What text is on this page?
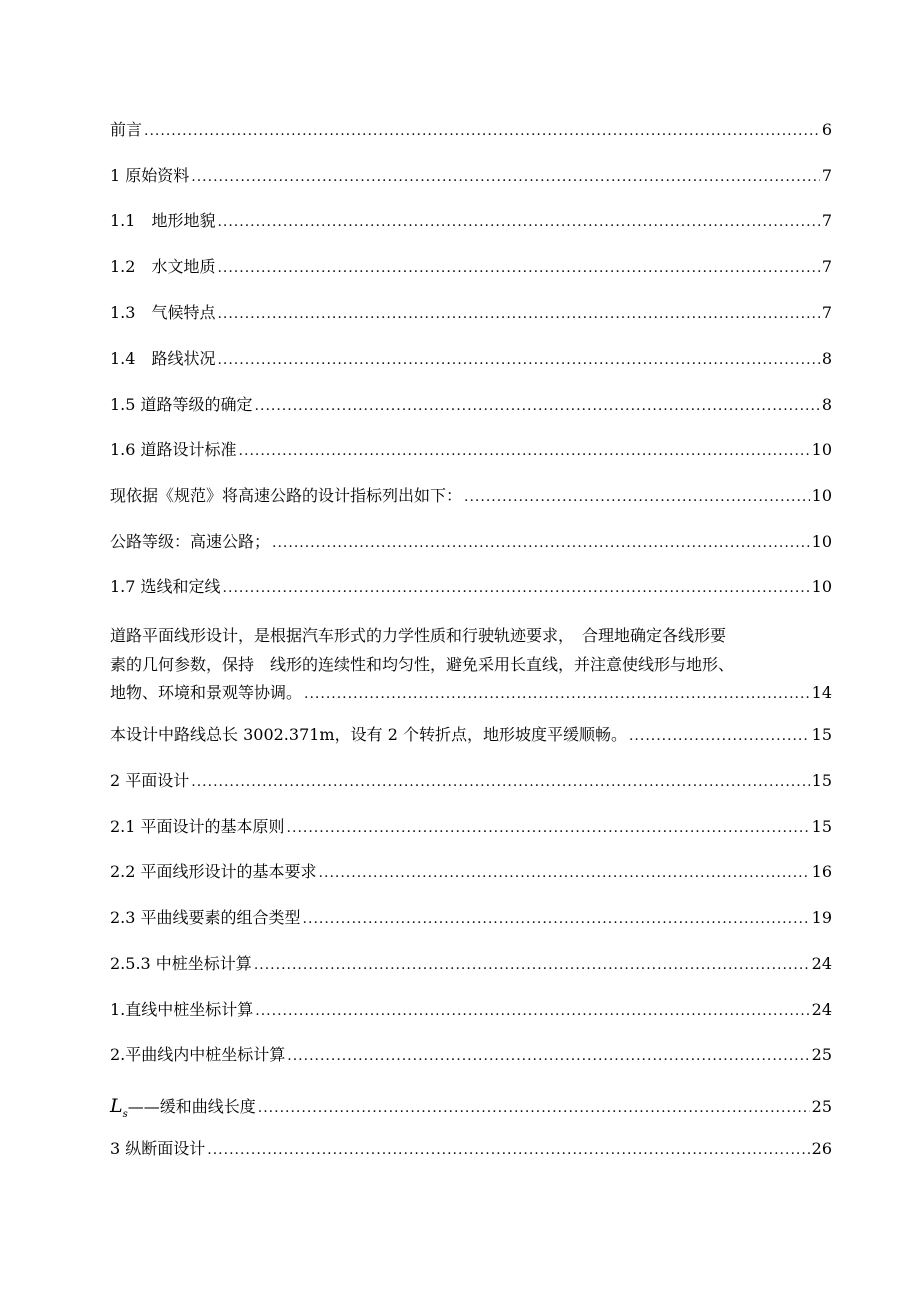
前言 .....	6
1 原始资料 .....	7
1.1　地形地貌 .....	7
1.2　水文地质 .....	7
1.3　气候特点 .....	7
1.4　路线状况 .....	8
1.5 道路等级的确定 .....	8
1.6 道路设计标准 .....	10
现依据《规范》将高速公路的设计指标列出如下： .....	10
公路等级：高速公路； .....	10
1.7 选线和定线 .....	10
道路平面线形设计，是根据汽车形式的力学性质和行驶轨迹要求，　合理地确定各线形要
素的几何参数，保持　线形的连续性和均匀性，避免采用长直线，并注意使线形与地形、
地物、环境和景观等协调。 .....	14
本设计中路线总长 3002.371m，设有 2 个转折点，地形坡度平缓顺畅。 .....	15
2 平面设计 .....	15
2.1 平面设计的基本原则 .....	15
2.2 平面线形设计的基本要求 .....	16
2.3 平曲线要素的组合类型 .....	19
2.5.3 中桩坐标计算 .....	24
1.直线中桩坐标计算 .....	24
2.平曲线内中桩坐标计算 .....	25
$L_s——$缓和曲线长度 .....	25
3 纵断面设计 .....	26
